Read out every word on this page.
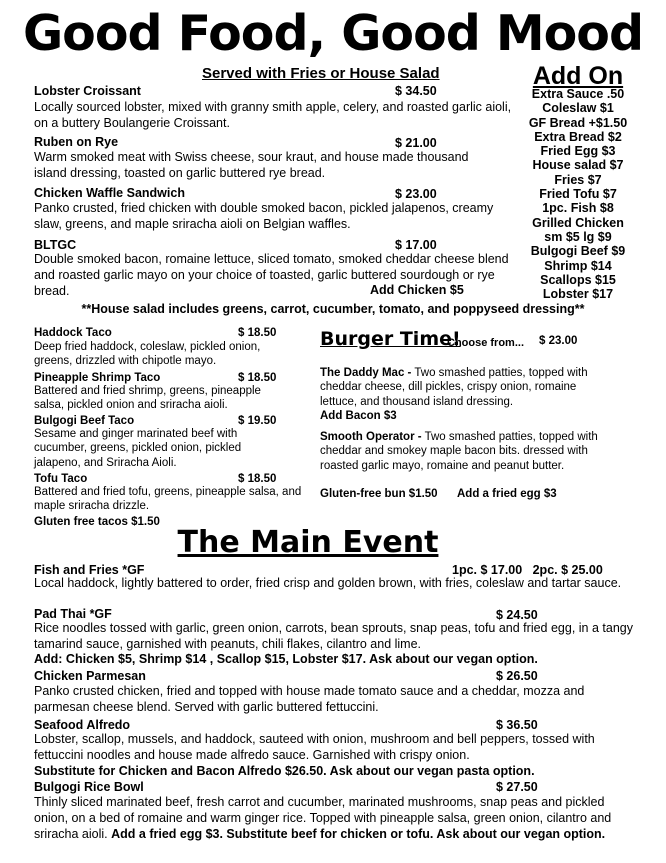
Good Food, Good Mood
Served with Fries or House Salad	Add On
Extra Sauce .50
Coleslaw $1
GF Bread +$1.50
Extra Bread $2
Fried Egg $3
House salad $7
Fries $7
Fried Tofu $7
1pc. Fish $8
Grilled Chicken
sm $5 lg $9
Bulgogi Beef $9
Shrimp $14
Scallops $15
Lobster $17
Lobster Croissant	$ 34.50
Locally sourced lobster, mixed with granny smith apple, celery, and roasted garlic aioli, on a buttery Boulangerie Croissant.
Ruben on Rye	$ 21.00
Warm smoked meat with Swiss cheese, sour kraut, and house made thousand island dressing, toasted on garlic buttered rye bread.
Chicken Waffle Sandwich	$ 23.00
Panko crusted, fried chicken with double smoked bacon, pickled jalapenos, creamy slaw, greens, and maple sriracha aioli on Belgian waffles.
BLTGC	$ 17.00
Double smoked bacon, romaine lettuce, sliced tomato, smoked cheddar cheese blend and roasted garlic mayo on your choice of toasted, garlic buttered sourdough or rye bread.	Add Chicken $5
**House salad includes greens, carrot, cucumber, tomato, and poppyseed dressing**
Haddock Taco	$ 18.50
Deep fried haddock, coleslaw, pickled onion, greens, drizzled with chipotle mayo.
Pineapple Shrimp Taco	$ 18.50
Battered and fried shrimp, greens, pineapple salsa, pickled onion and sriracha aioli.
Bulgogi Beef Taco	$ 19.50
Sesame and ginger marinated beef with cucumber, greens, pickled onion, pickled jalapeno, and Sriracha Aioli.
Tofu Taco	$ 18.50
Battered and fried tofu, greens, pineapple salsa, and maple sriracha drizzle.
Gluten free tacos $1.50
Burger Time!
Choose from... $ 23.00
The Daddy Mac - Two smashed patties, topped with cheddar cheese, dill pickles, crispy onion, romaine lettuce, and thousand island dressing.
Add Bacon $3
Smooth Operator - Two smashed patties, topped with cheddar and smokey maple bacon bits. dressed with roasted garlic mayo, romaine and peanut butter.
Gluten-free bun $1.50 Add a fried egg $3
The Main Event
Fish and Fries *GF	1pc. $ 17.00   2pc. $ 25.00
Local haddock, lightly battered to order, fried crisp and golden brown, with fries, coleslaw and tartar sauce.
Pad Thai *GF	$ 24.50
Rice noodles tossed with garlic, green onion, carrots, bean sprouts, snap peas, tofu and fried egg, in a tangy tamarind sauce, garnished with peanuts, chili flakes, cilantro and lime.
Add: Chicken $5, Shrimp $14 , Scallop $15, Lobster $17. Ask about our vegan option.
Chicken Parmesan	$ 26.50
Panko crusted chicken, fried and topped with house made tomato sauce and a cheddar, mozza and parmesan cheese blend. Served with garlic buttered fettuccini.
Seafood Alfredo	$ 36.50
Lobster, scallop, mussels, and haddock, sauteed with onion, mushroom and bell peppers, tossed with fettuccini noodles and house made alfredo sauce. Garnished with crispy onion.
Substitute for Chicken and Bacon Alfredo $26.50. Ask about our vegan pasta option.
Bulgogi Rice Bowl	$ 27.50
Thinly sliced marinated beef, fresh carrot and cucumber, marinated mushrooms, snap peas and pickled onion, on a bed of romaine and warm ginger rice. Topped with pineapple salsa, green onion, cilantro and sriracha aioli. Add a fried egg $3. Substitute beef for chicken or tofu. Ask about our vegan option.
